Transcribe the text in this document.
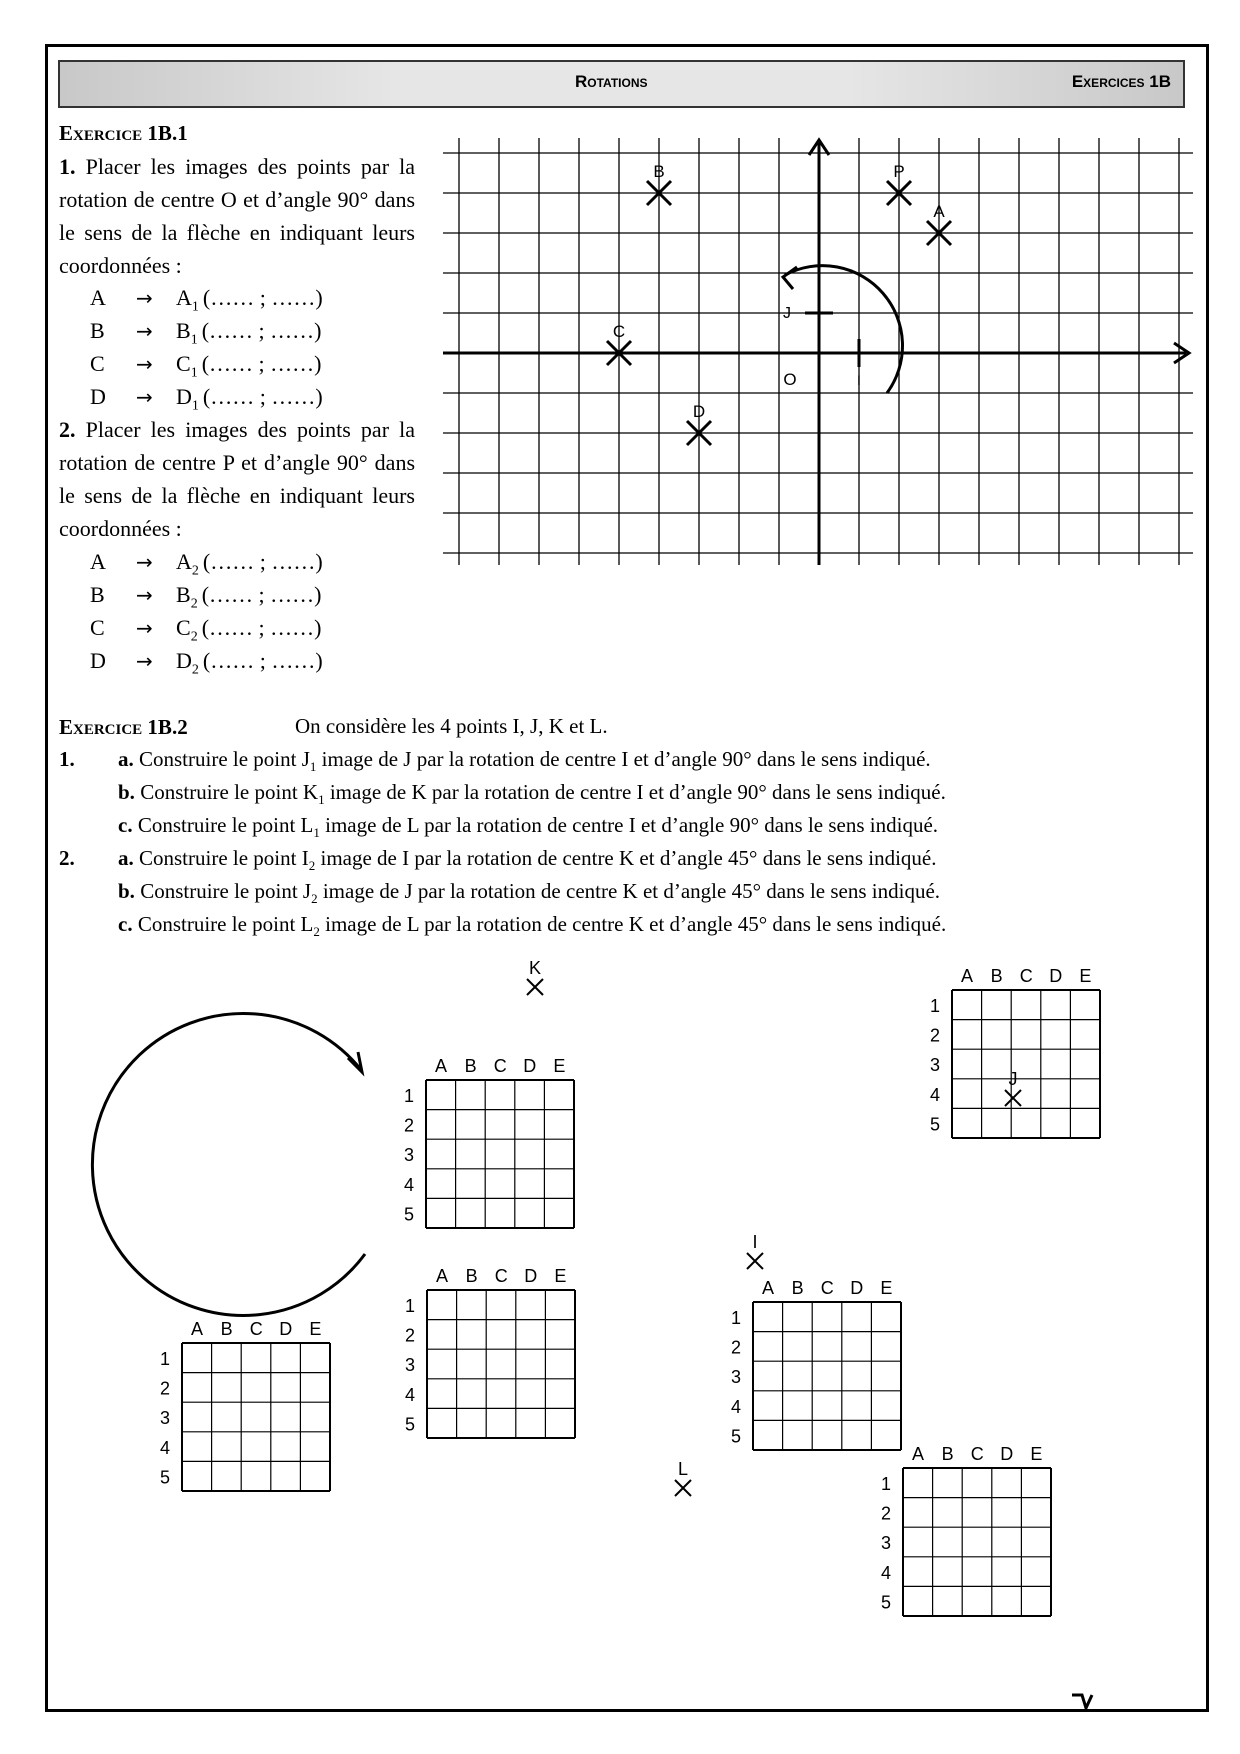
Rotations	Exercices 1B
Exercice 1B.1
1. Placer les images des points par la rotation de centre O et d’angle 90° dans le sens de la flèche en indiquant leurs coordonnées :
$A \to A_1$ (…… ; ……)
$B \to B_1$ (…… ; ……)
$C \to C_1$ (…… ; ……)
$D \to D_1$ (…… ; ……)
2. Placer les images des points par la rotation de centre P et d’angle 90° dans le sens de la flèche en indiquant leurs coordonnées :
$A \to A_2$ (…… ; ……)
$B \to B_2$ (…… ; ……)
$C \to C_2$ (…… ; ……)
$D \to D_2$ (…… ; ……)
A
B
C
D
P
J
O	I
Exercice 1B.2	On considère les 4 points I, J, K et L.
1.
2.
a. Construire le point $J_1$ image de J par la rotation de centre I et d’angle 90° dans le sens indiqué.
b. Construire le point $K_1$ image de K par la rotation de centre I et d’angle 90° dans le sens indiqué.
c. Construire le point $L_1$ image de L par la rotation de centre I et d’angle 90° dans le sens indiqué.
a. Construire le point $I_2$ image de I par la rotation de centre K et d’angle 45° dans le sens indiqué.
b. Construire le point $J_2$ image de J par la rotation de centre K et d’angle 45° dans le sens indiqué.
c. Construire le point $L_2$ image de L par la rotation de centre K et d’angle 45° dans le sens indiqué.
A B C D E
1
2
3
4
5
A B C D E
1
2
3
4
5
A B C D E
1
2
3
4
5
A B C D E
1
2
3
4
5
A B C D E
1
2
3
4
5
A B C D E
1
2
3
4
5
K
J
I
L
